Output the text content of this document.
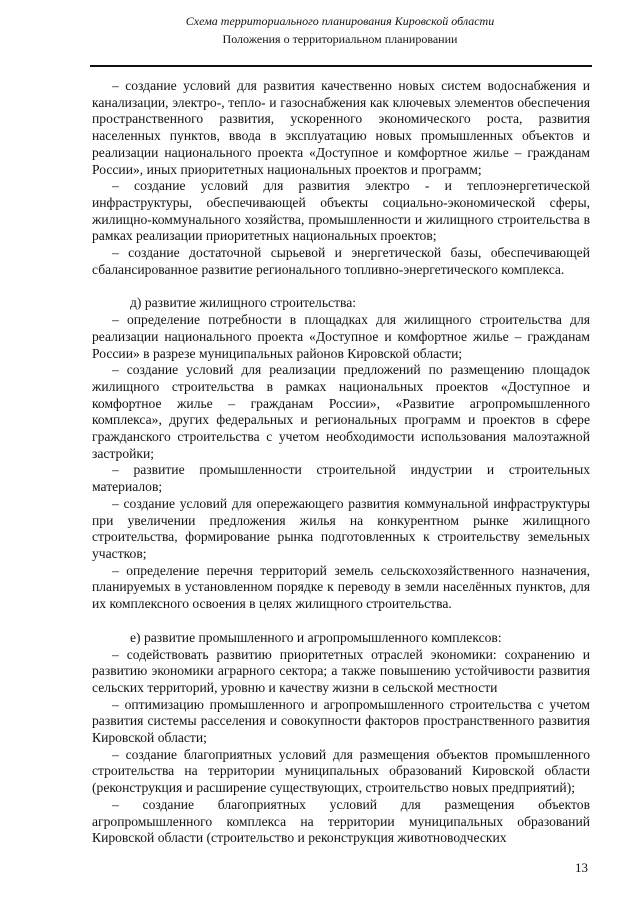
Схема территориального планирования Кировской области
Положения о территориальном планировании

– создание условий для развития качественно новых систем водоснабжения и канализации, электро-, тепло- и газоснабжения как ключевых элементов обеспечения пространственного развития, ускоренного экономического роста, развития населенных пунктов, ввода в эксплуатацию новых промышленных объектов и реализации национального проекта «Доступное и комфортное жилье – гражданам России», иных приоритетных национальных проектов и программ;

– создание условий для развития электро - и теплоэнергетической инфраструктуры, обеспечивающей объекты социально-экономической сферы, жилищно-коммунального хозяйства, промышленности и жилищного строительства в рамках реализации приоритетных национальных проектов;

– создание достаточной сырьевой и энергетической базы, обеспечивающей сбалансированное развитие регионального топливно-энергетического комплекса.

д) развитие жилищного строительства:

– определение потребности в площадках для жилищного строительства для реализации национального проекта «Доступное и комфортное жилье – гражданам России» в разрезе муниципальных районов Кировской области;

– создание условий для реализации предложений по размещению площадок жилищного строительства в рамках национальных проектов «Доступное и комфортное жилье – гражданам России», «Развитие агропромышленного комплекса», других федеральных и региональных программ и проектов в сфере гражданского строительства с учетом необходимости использования малоэтажной застройки;

– развитие промышленности строительной индустрии и строительных материалов;

– создание условий для опережающего развития коммунальной инфраструктуры при увеличении предложения жилья на конкурентном рынке жилищного строительства, формирование рынка подготовленных к строительству земельных участков;

– определение перечня территорий земель сельскохозяйственного назначения, планируемых в установленном порядке к переводу в земли населённых пунктов, для их комплексного освоения в целях жилищного строительства.

е) развитие промышленного и агропромышленного комплексов:

– содействовать развитию приоритетных отраслей экономики: сохранению и развитию экономики аграрного сектора; а также повышению устойчивости развития сельских территорий, уровню и качеству жизни в сельской местности

– оптимизацию промышленного и агропромышленного строительства с учетом развития системы расселения и совокупности факторов пространственного развития Кировской области;

– создание благоприятных условий для размещения объектов промышленного строительства на территории муниципальных образований Кировской области (реконструкция и расширение существующих, строительство новых предприятий);

– создание благоприятных условий для размещения объектов агропромышленного комплекса на территории муниципальных образований Кировской области (строительство и реконструкция животноводческих

13
